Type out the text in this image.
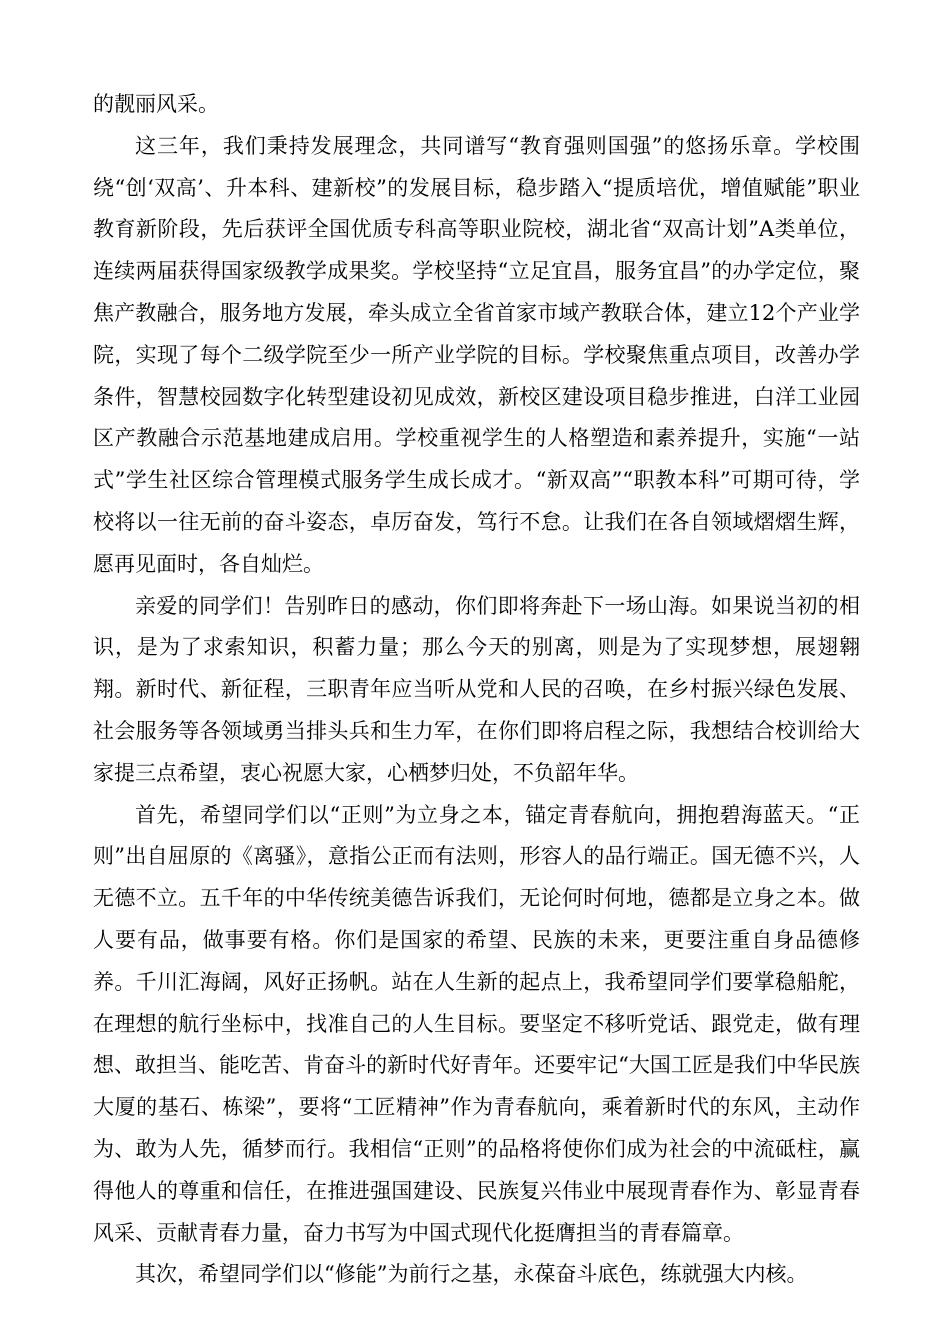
的靓丽风采。

这三年，我们秉持发展理念，共同谱写“教育强则国强”的悠扬乐章。学校围绕“创‘双高’、升本科、建新校”的发展目标，稳步踏入“提质培优，增值赋能”职业教育新阶段，先后获评全国优质专科高等职业院校，湖北省“双高计划”A类单位，连续两届获得国家级教学成果奖。学校坚持“立足宜昌，服务宜昌”的办学定位，聚焦产教融合，服务地方发展，牵头成立全省首家市域产教联合体，建立12个产业学院，实现了每个二级学院至少一所产业学院的目标。学校聚焦重点项目，改善办学条件，智慧校园数字化转型建设初见成效，新校区建设项目稳步推进，白洋工业园区产教融合示范基地建成启用。学校重视学生的人格塑造和素养提升，实施“一站式”学生社区综合管理模式服务学生成长成才。“新双高”“职教本科”可期可待，学校将以一往无前的奋斗姿态，卓厉奋发，笃行不怠。让我们在各自领域熠熠生辉，愿再见面时，各自灿烂。

亲爱的同学们！告别昨日的感动，你们即将奔赴下一场山海。如果说当初的相识，是为了求索知识，积蓄力量；那么今天的别离，则是为了实现梦想，展翅翱翔。新时代、新征程，三职青年应当听从党和人民的召唤，在乡村振兴绿色发展、社会服务等各领域勇当排头兵和生力军，在你们即将启程之际，我想结合校训给大家提三点希望，衷心祝愿大家，心栖梦归处，不负韶年华。

首先，希望同学们以“正则”为立身之本，锚定青春航向，拥抱碧海蓝天。“正则”出自屈原的《离骚》，意指公正而有法则，形容人的品行端正。国无德不兴，人无德不立。五千年的中华传统美德告诉我们，无论何时何地，德都是立身之本。做人要有品，做事要有格。你们是国家的希望、民族的未来，更要注重自身品德修养。千川汇海阔，风好正扬帆。站在人生新的起点上，我希望同学们要掌稳船舵，在理想的航行坐标中，找准自己的人生目标。要坚定不移听党话、跟党走，做有理想、敢担当、能吃苦、肯奋斗的新时代好青年。还要牢记“大国工匠是我们中华民族大厦的基石、栋梁”，要将“工匠精神”作为青春航向，乘着新时代的东风，主动作为、敢为人先，循梦而行。我相信“正则”的品格将使你们成为社会的中流砥柱，赢得他人的尊重和信任，在推进强国建设、民族复兴伟业中展现青春作为、彰显青春风采、贡献青春力量，奋力书写为中国式现代化挺膺担当的青春篇章。

其次，希望同学们以“修能”为前行之基，永葆奋斗底色，练就强大内核。
